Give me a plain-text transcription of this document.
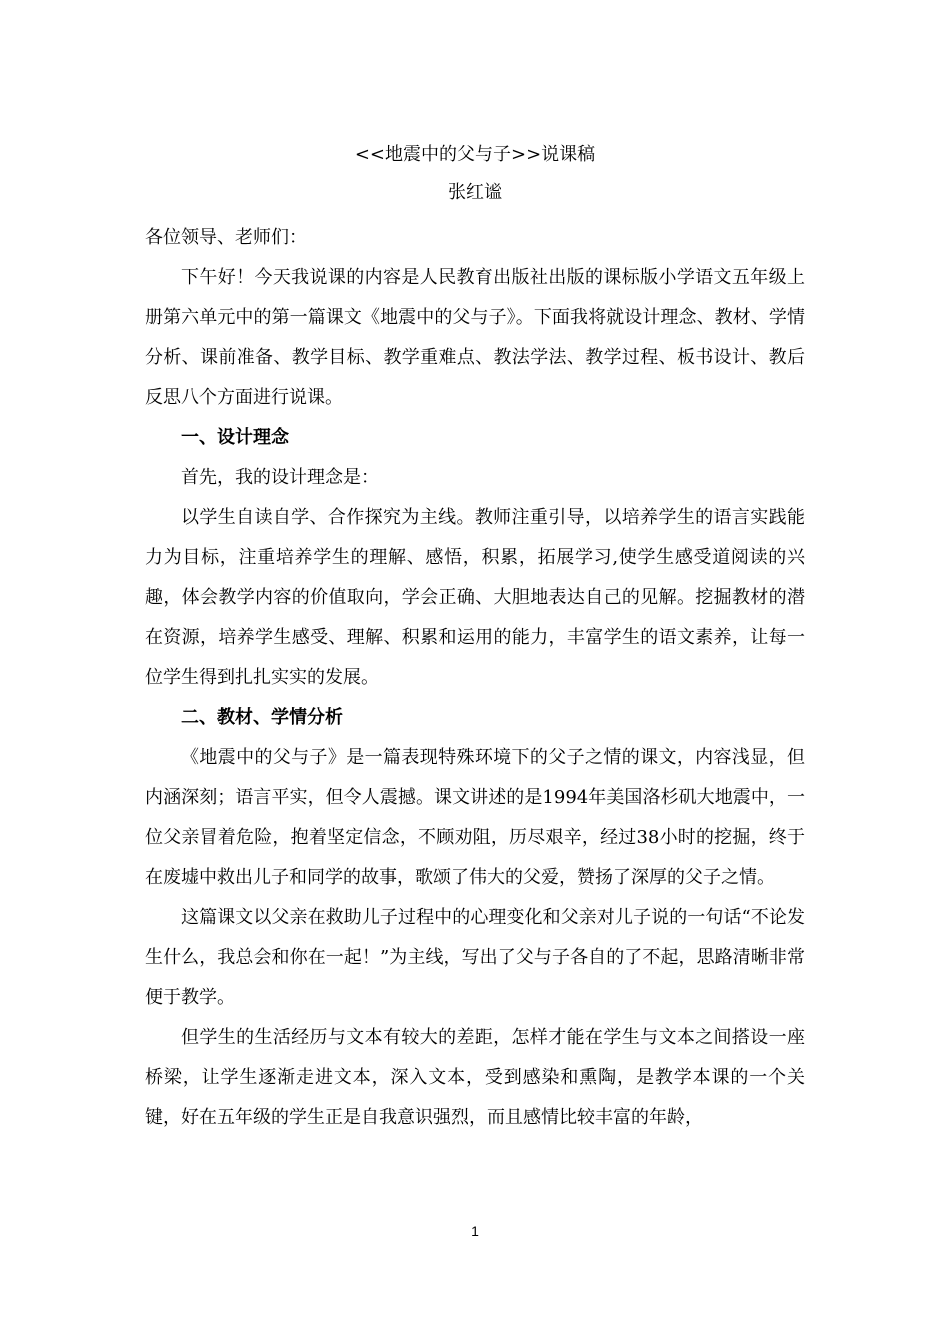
<<地震中的父与子>>说课稿
张红谧

各位领导、老师们：

下午好！今天我说课的内容是人民教育出版社出版的课标版小学语文五年级上册第六单元中的第一篇课文《地震中的父与子》。下面我将就设计理念、教材、学情分析、课前准备、教学目标、教学重难点、教法学法、教学过程、板书设计、教后反思八个方面进行说课。

一、设计理念

首先，我的设计理念是：

以学生自读自学、合作探究为主线。教师注重引导，以培养学生的语言实践能力为目标，注重培养学生的理解、感悟，积累，拓展学习,使学生感受道阅读的兴趣，体会教学内容的价值取向，学会正确、大胆地表达自己的见解。挖掘教材的潜在资源，培养学生感受、理解、积累和运用的能力，丰富学生的语文素养，让每一位学生得到扎扎实实的发展。

二、教材、学情分析

《地震中的父与子》是一篇表现特殊环境下的父子之情的课文，内容浅显，但内涵深刻；语言平实，但令人震撼。课文讲述的是1994年美国洛杉矶大地震中，一位父亲冒着危险，抱着坚定信念，不顾劝阻，历尽艰辛，经过38小时的挖掘，终于在废墟中救出儿子和同学的故事，歌颂了伟大的父爱，赞扬了深厚的父子之情。

这篇课文以父亲在救助儿子过程中的心理变化和父亲对儿子说的一句话“不论发生什么，我总会和你在一起！”为主线，写出了父与子各自的了不起，思路清晰非常便于教学。

但学生的生活经历与文本有较大的差距，怎样才能在学生与文本之间搭设一座桥梁，让学生逐渐走进文本，深入文本，受到感染和熏陶，是教学本课的一个关键，好在五年级的学生正是自我意识强烈，而且感情比较丰富的年龄，

1
